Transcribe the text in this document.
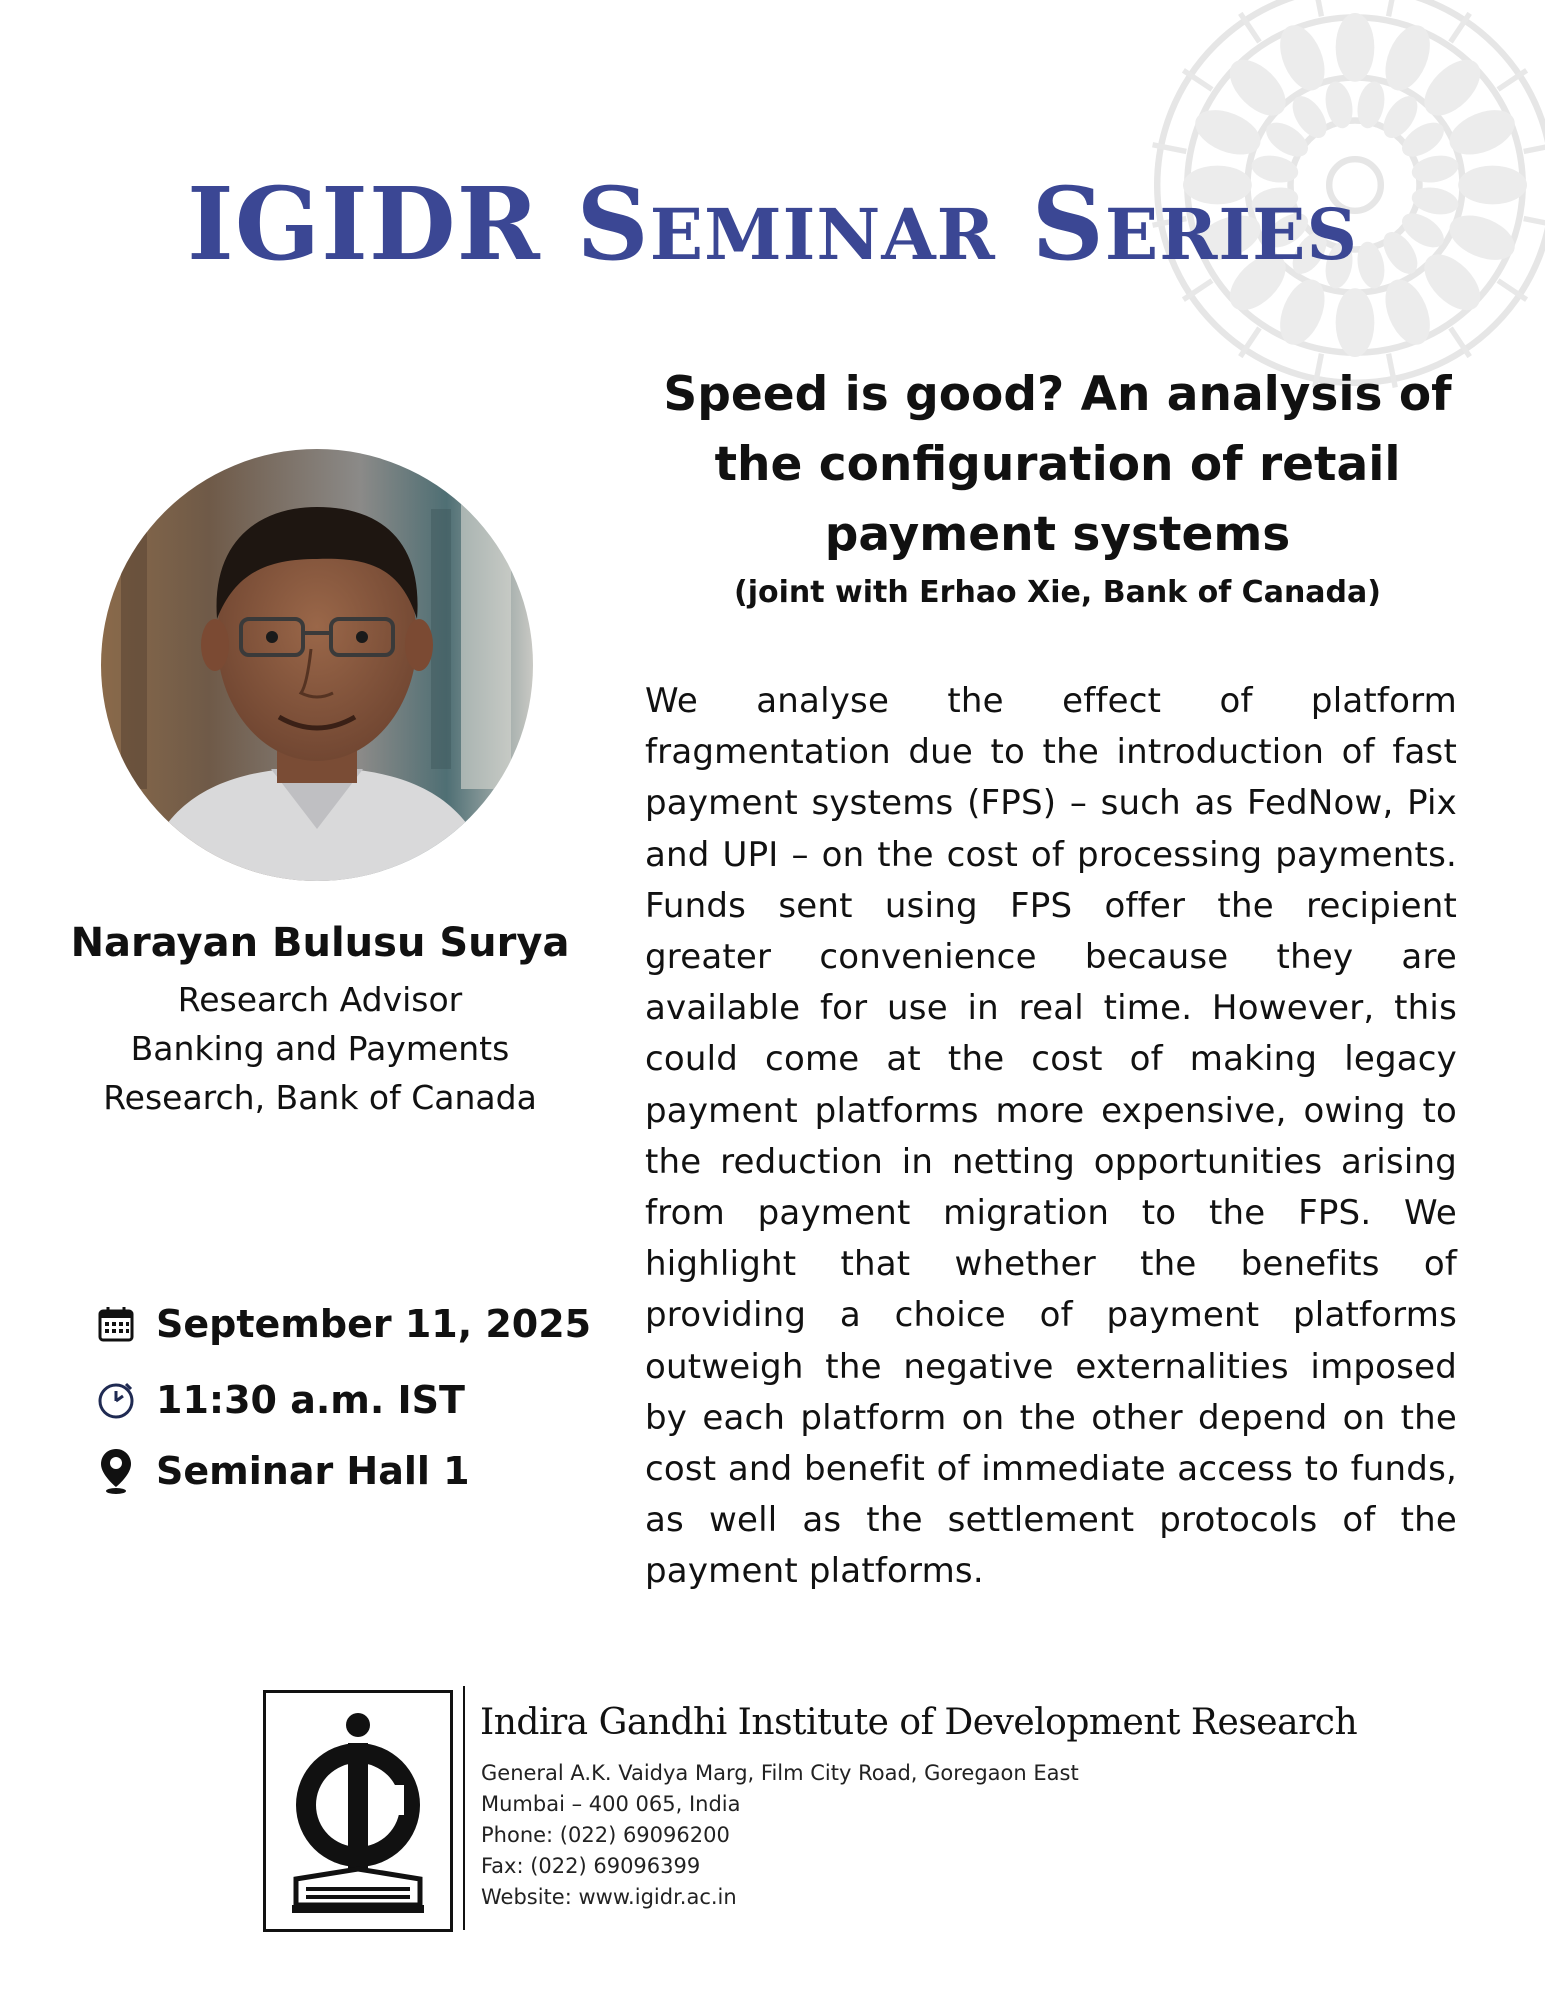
IGIDR Seminar Series
Narayan Bulusu Surya
Research Advisor
Banking and Payments
Research, Bank of Canada
September 11, 2025
11:30 a.m. IST
Seminar Hall 1
Speed is good? An analysis of the configuration of retail payment systems
(joint with Erhao Xie, Bank of Canada)
We analyse the effect of platform fragmentation due to the introduction of fast payment systems (FPS) – such as FedNow, Pix and UPI – on the cost of processing payments. Funds sent using FPS offer the recipient greater convenience because they are available for use in real time. However, this could come at the cost of making legacy payment platforms more expensive, owing to the reduction in netting opportunities arising from payment migration to the FPS. We highlight that whether the benefits of providing a choice of payment platforms outweigh the negative externalities imposed by each platform on the other depend on the cost and benefit of immediate access to funds, as well as the settlement protocols of the payment platforms.
Indira Gandhi Institute of Development Research
General A.K. Vaidya Marg, Film City Road, Goregaon East
Mumbai – 400 065, India
Phone: (022) 69096200
Fax: (022) 69096399
Website: www.igidr.ac.in
